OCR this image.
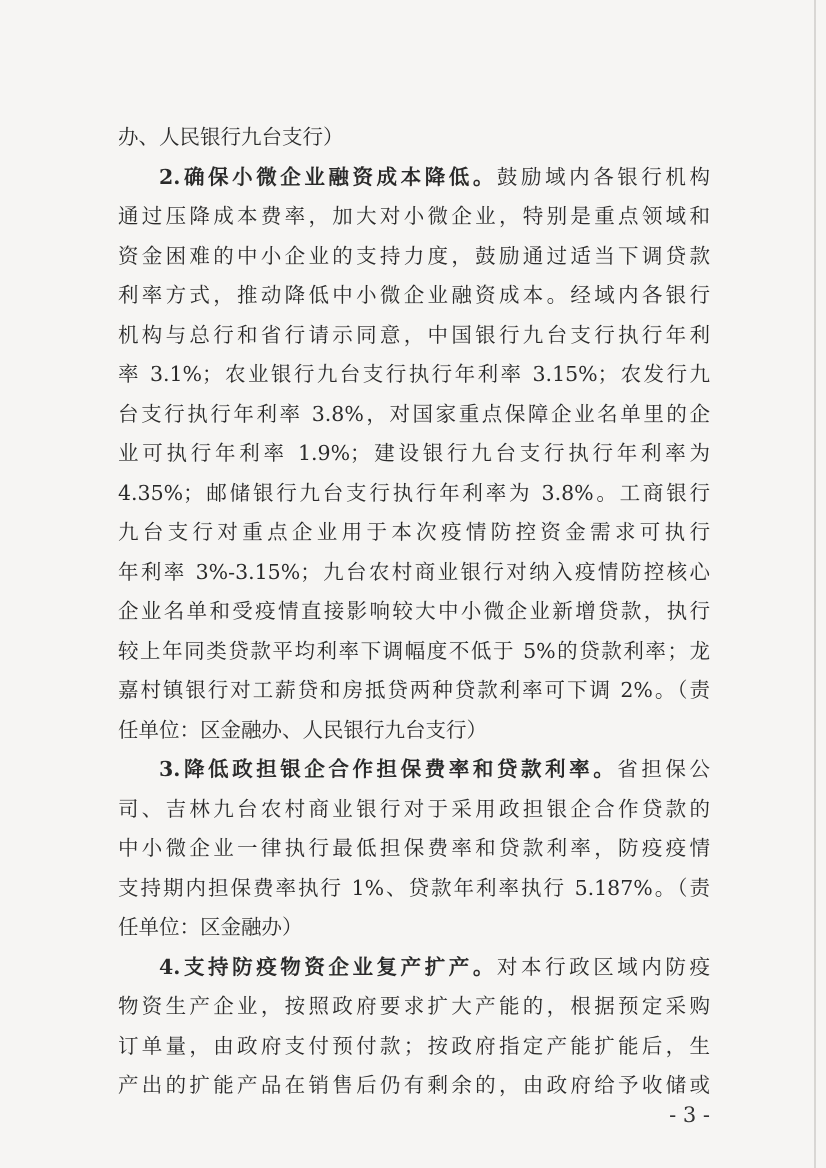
办、人民银行九台支行）
2.确保小微企业融资成本降低。鼓励域内各银行机构
通过压降成本费率，加大对小微企业，特别是重点领域和
资金困难的中小企业的支持力度，鼓励通过适当下调贷款
利率方式，推动降低中小微企业融资成本。经域内各银行
机构与总行和省行请示同意，中国银行九台支行执行年利
率 3.1%；农业银行九台支行执行年利率 3.15%；农发行九
台支行执行年利率 3.8%，对国家重点保障企业名单里的企
业可执行年利率 1.9%；建设银行九台支行执行年利率为
4.35%；邮储银行九台支行执行年利率为 3.8%。工商银行
九台支行对重点企业用于本次疫情防控资金需求可执行
年利率 3%-3.15%；九台农村商业银行对纳入疫情防控核心
企业名单和受疫情直接影响较大中小微企业新增贷款，执行
较上年同类贷款平均利率下调幅度不低于 5%的贷款利率；龙
嘉村镇银行对工薪贷和房抵贷两种贷款利率可下调 2%。（责
任单位：区金融办、人民银行九台支行）
3.降低政担银企合作担保费率和贷款利率。省担保公
司、吉林九台农村商业银行对于采用政担银企合作贷款的
中小微企业一律执行最低担保费率和贷款利率，防疫疫情
支持期内担保费率执行 1%、贷款年利率执行 5.187%。（责
任单位：区金融办）
4.支持防疫物资企业复产扩产。对本行政区域内防疫
物资生产企业，按照政府要求扩大产能的，根据预定采购
订单量，由政府支付预付款；按政府指定产能扩能后，生
产出的扩能产品在销售后仍有剩余的，由政府给予收储或
- 3 -
